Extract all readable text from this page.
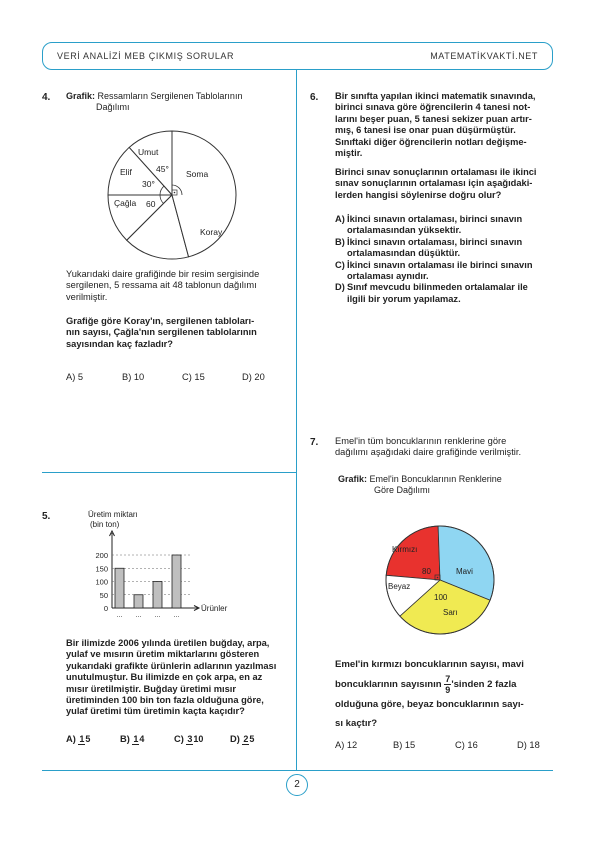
VERİ ANALİZİ MEB ÇIKMIŞ SORULAR	MATEMATİKVAKTİ.NET
2
4. Grafik: Ressamların Sergilenen Tablolarının
Dağılımı
Soma
Umut
Elif
Çağla
Koray
45°
30°
60
Yukarıdaki daire grafiğinde bir resim sergisinde
sergilenen, 5 ressama ait 48 tablonun dağılımı
verilmiştir.
Grafiğe göre Koray'ın, sergilenen tabloları-
nın sayısı, Çağla'nın sergilenen tablolarının
sayısından kaç fazladır?
A) 5	B) 10	C) 15	D) 20
5.	Üretim miktarı
(bin ton)
Ürünler
0
50
100
150
200
... ... ... ...
Bir ilimizde 2006 yılında üretilen buğday, arpa,
yulaf ve mısırın üretim miktarlarını gösteren
yukarıdaki grafikte ürünlerin adlarının yazılması
unutulmuştur. Bu ilimizde en çok arpa, en az
mısır üretilmiştir. Buğday üretimi mısır
üretiminden 100 bin ton fazla olduğuna göre,
yulaf üretimi tüm üretimin kaçta kaçıdır?
A) 15	B) 14	C) 310	D) 25
6. Bir sınıfta yapılan ikinci matematik sınavında,
birinci sınava göre öğrencilerin 4 tanesi not-
larını beşer puan, 5 tanesi sekizer puan artır-
mış, 6 tanesi ise onar puan düşürmüştür.
Sınıftaki diğer öğrencilerin notları değişme-
miştir.
Birinci sınav sonuçlarının ortalaması ile ikinci
sınav sonuçlarının ortalaması için aşağıdaki-
lerden hangisi söylenirse doğru olur?
A) İkinci sınavın ortalaması, birinci sınavın
ortalamasından yüksektir.
B) İkinci sınavın ortalaması, birinci sınavın
ortalamasından düşüktür.
C) İkinci sınavın ortalaması ile birinci sınavın
ortalaması aynıdır.
D) Sınıf mevcudu bilinmeden ortalamalar ile
ilgili bir yorum yapılamaz.
7. Emel'in tüm boncuklarının renklerine göre
dağılımı aşağıdaki daire grafiğinde verilmiştir.
Grafik: Emel'in Boncuklarının Renklerine
Göre Dağılımı
Kırmızı
Mavi
Sarı
Beyaz
80
100
Emel'in kırmızı boncuklarının sayısı, mavi
boncuklarının sayısının
$\frac{7}{9}$ 'sinden 2 fazla
olduğuna göre, beyaz boncuklarının sayı-
sı kaçtır?
A) 12	B) 15	C) 16	D) 18
